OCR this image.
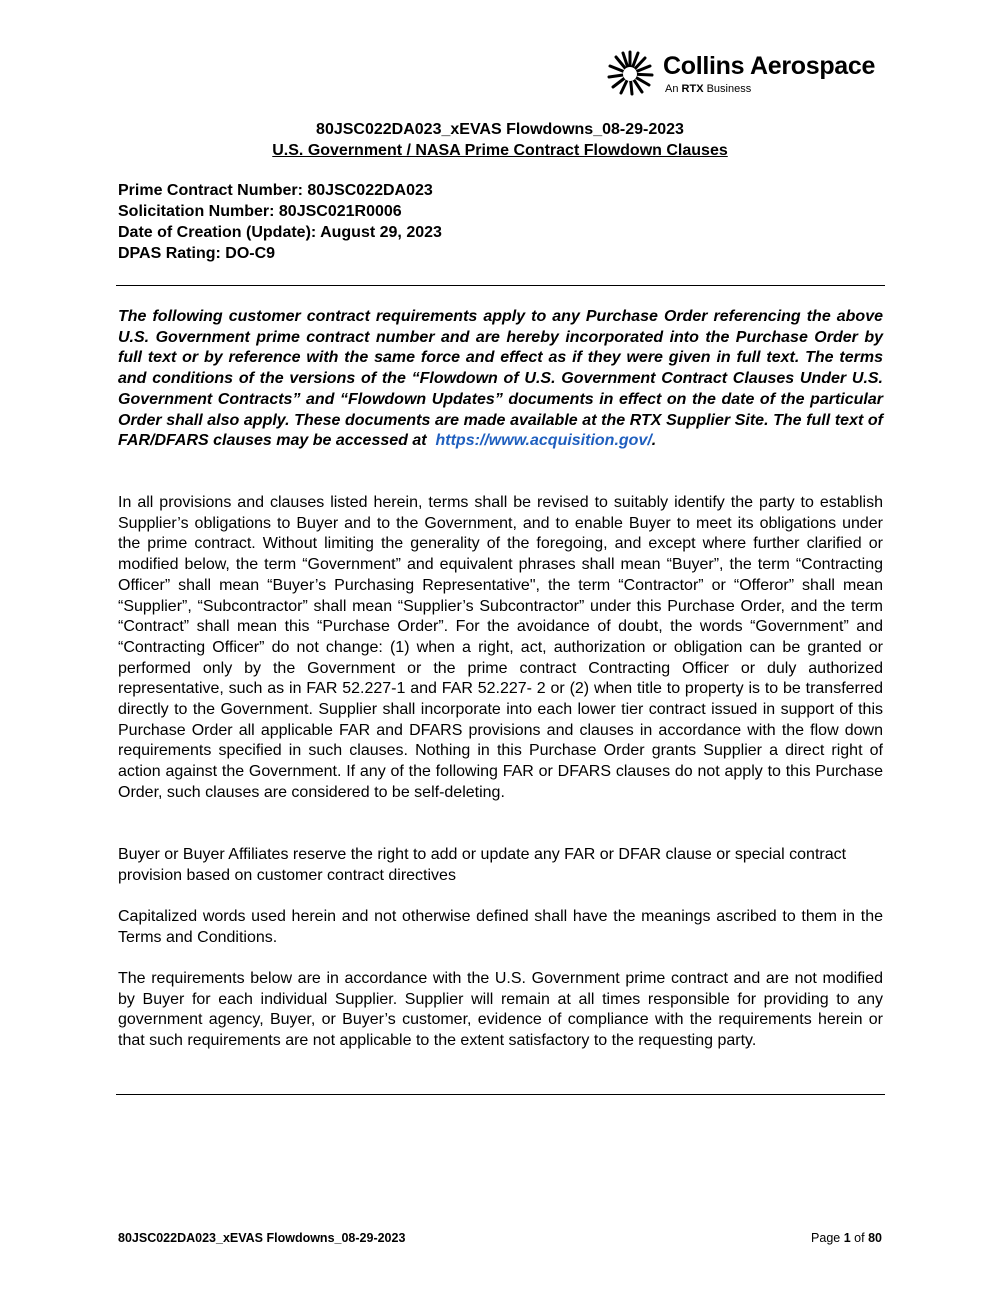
Collins Aerospace
An RTX Business
80JSC022DA023_xEVAS Flowdowns_08-29-2023
U.S. Government / NASA Prime Contract Flowdown Clauses
Prime Contract Number: 80JSC022DA023
Solicitation Number: 80JSC021R0006
Date of Creation (Update): August 29, 2023
DPAS Rating: DO-C9

The following customer contract requirements apply to any Purchase Order referencing the above U.S. Government prime contract number and are hereby incorporated into the Purchase Order by full text or by reference with the same force and effect as if they were given in full text. The terms and conditions of the versions of the “Flowdown of U.S. Government Contract Clauses Under U.S. Government Contracts” and “Flowdown Updates” documents in effect on the date of the particular Order shall also apply. These documents are made available at the RTX Supplier Site. The full text of FAR/DFARS clauses may be accessed at https://www.acquisition.gov/.

In all provisions and clauses listed herein, terms shall be revised to suitably identify the party to establish Supplier’s obligations to Buyer and to the Government, and to enable Buyer to meet its obligations under the prime contract. Without limiting the generality of the foregoing, and except where further clarified or modified below, the term “Government” and equivalent phrases shall mean “Buyer”, the term “Contracting Officer” shall mean “Buyer’s Purchasing Representative", the term “Contractor” or “Offeror” shall mean “Supplier”, “Subcontractor” shall mean “Supplier’s Subcontractor” under this Purchase Order, and the term “Contract” shall mean this “Purchase Order”. For the avoidance of doubt, the words “Government” and “Contracting Officer” do not change: (1) when a right, act, authorization or obligation can be granted or performed only by the Government or the prime contract Contracting Officer or duly authorized representative, such as in FAR 52.227-1 and FAR 52.227- 2 or (2) when title to property is to be transferred directly to the Government. Supplier shall incorporate into each lower tier contract issued in support of this Purchase Order all applicable FAR and DFARS provisions and clauses in accordance with the flow down requirements specified in such clauses. Nothing in this Purchase Order grants Supplier a direct right of action against the Government. If any of the following FAR or DFARS clauses do not apply to this Purchase Order, such clauses are considered to be self-deleting.

Buyer or Buyer Affiliates reserve the right to add or update any FAR or DFAR clause or special contract provision based on customer contract directives

Capitalized words used herein and not otherwise defined shall have the meanings ascribed to them in the Terms and Conditions.

The requirements below are in accordance with the U.S. Government prime contract and are not modified by Buyer for each individual Supplier. Supplier will remain at all times responsible for providing to any government agency, Buyer, or Buyer’s customer, evidence of compliance with the requirements herein or that such requirements are not applicable to the extent satisfactory to the requesting party.

80JSC022DA023_xEVAS Flowdowns_08-29-2023	Page 1 of 80
